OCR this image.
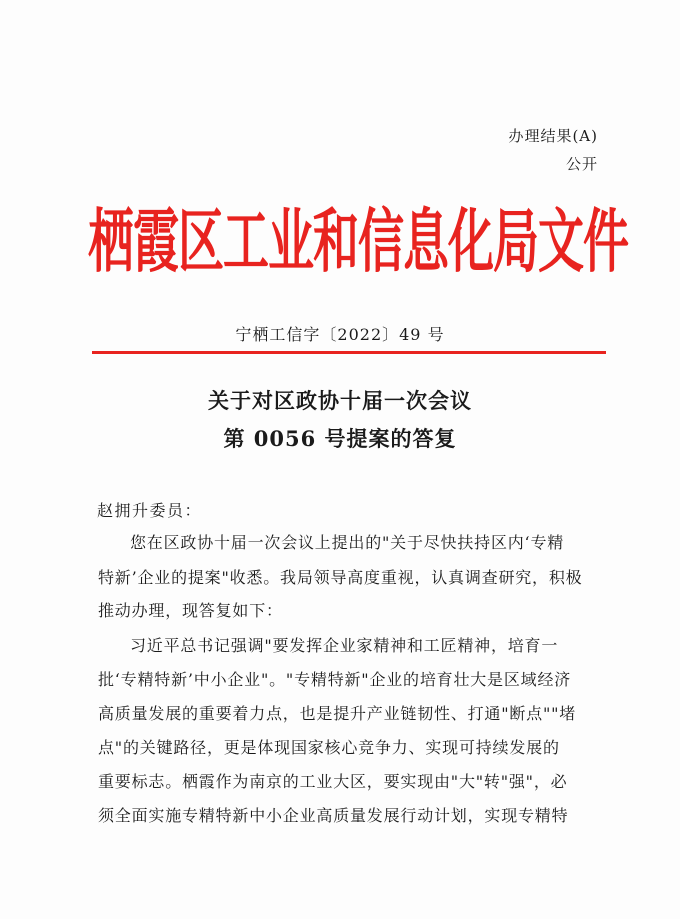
办理结果(A)
公开
栖霞区工业和信息化局文件
宁栖工信字〔2022〕49 号
关于对区政协十届一次会议
第 0056 号提案的答复
赵拥升委员：
您在区政协十届一次会议上提出的"关于尽快扶持区内‘专精
特新’企业的提案"收悉。我局领导高度重视，认真调查研究，积极
推动办理，现答复如下：
习近平总书记强调"要发挥企业家精神和工匠精神，培育一
批‘专精特新’中小企业"。"专精特新"企业的培育壮大是区域经济
高质量发展的重要着力点，也是提升产业链韧性、打通"断点""堵
点"的关键路径，更是体现国家核心竞争力、实现可持续发展的
重要标志。栖霞作为南京的工业大区，要实现由"大"转"强"，必
须全面实施专精特新中小企业高质量发展行动计划，实现专精特
